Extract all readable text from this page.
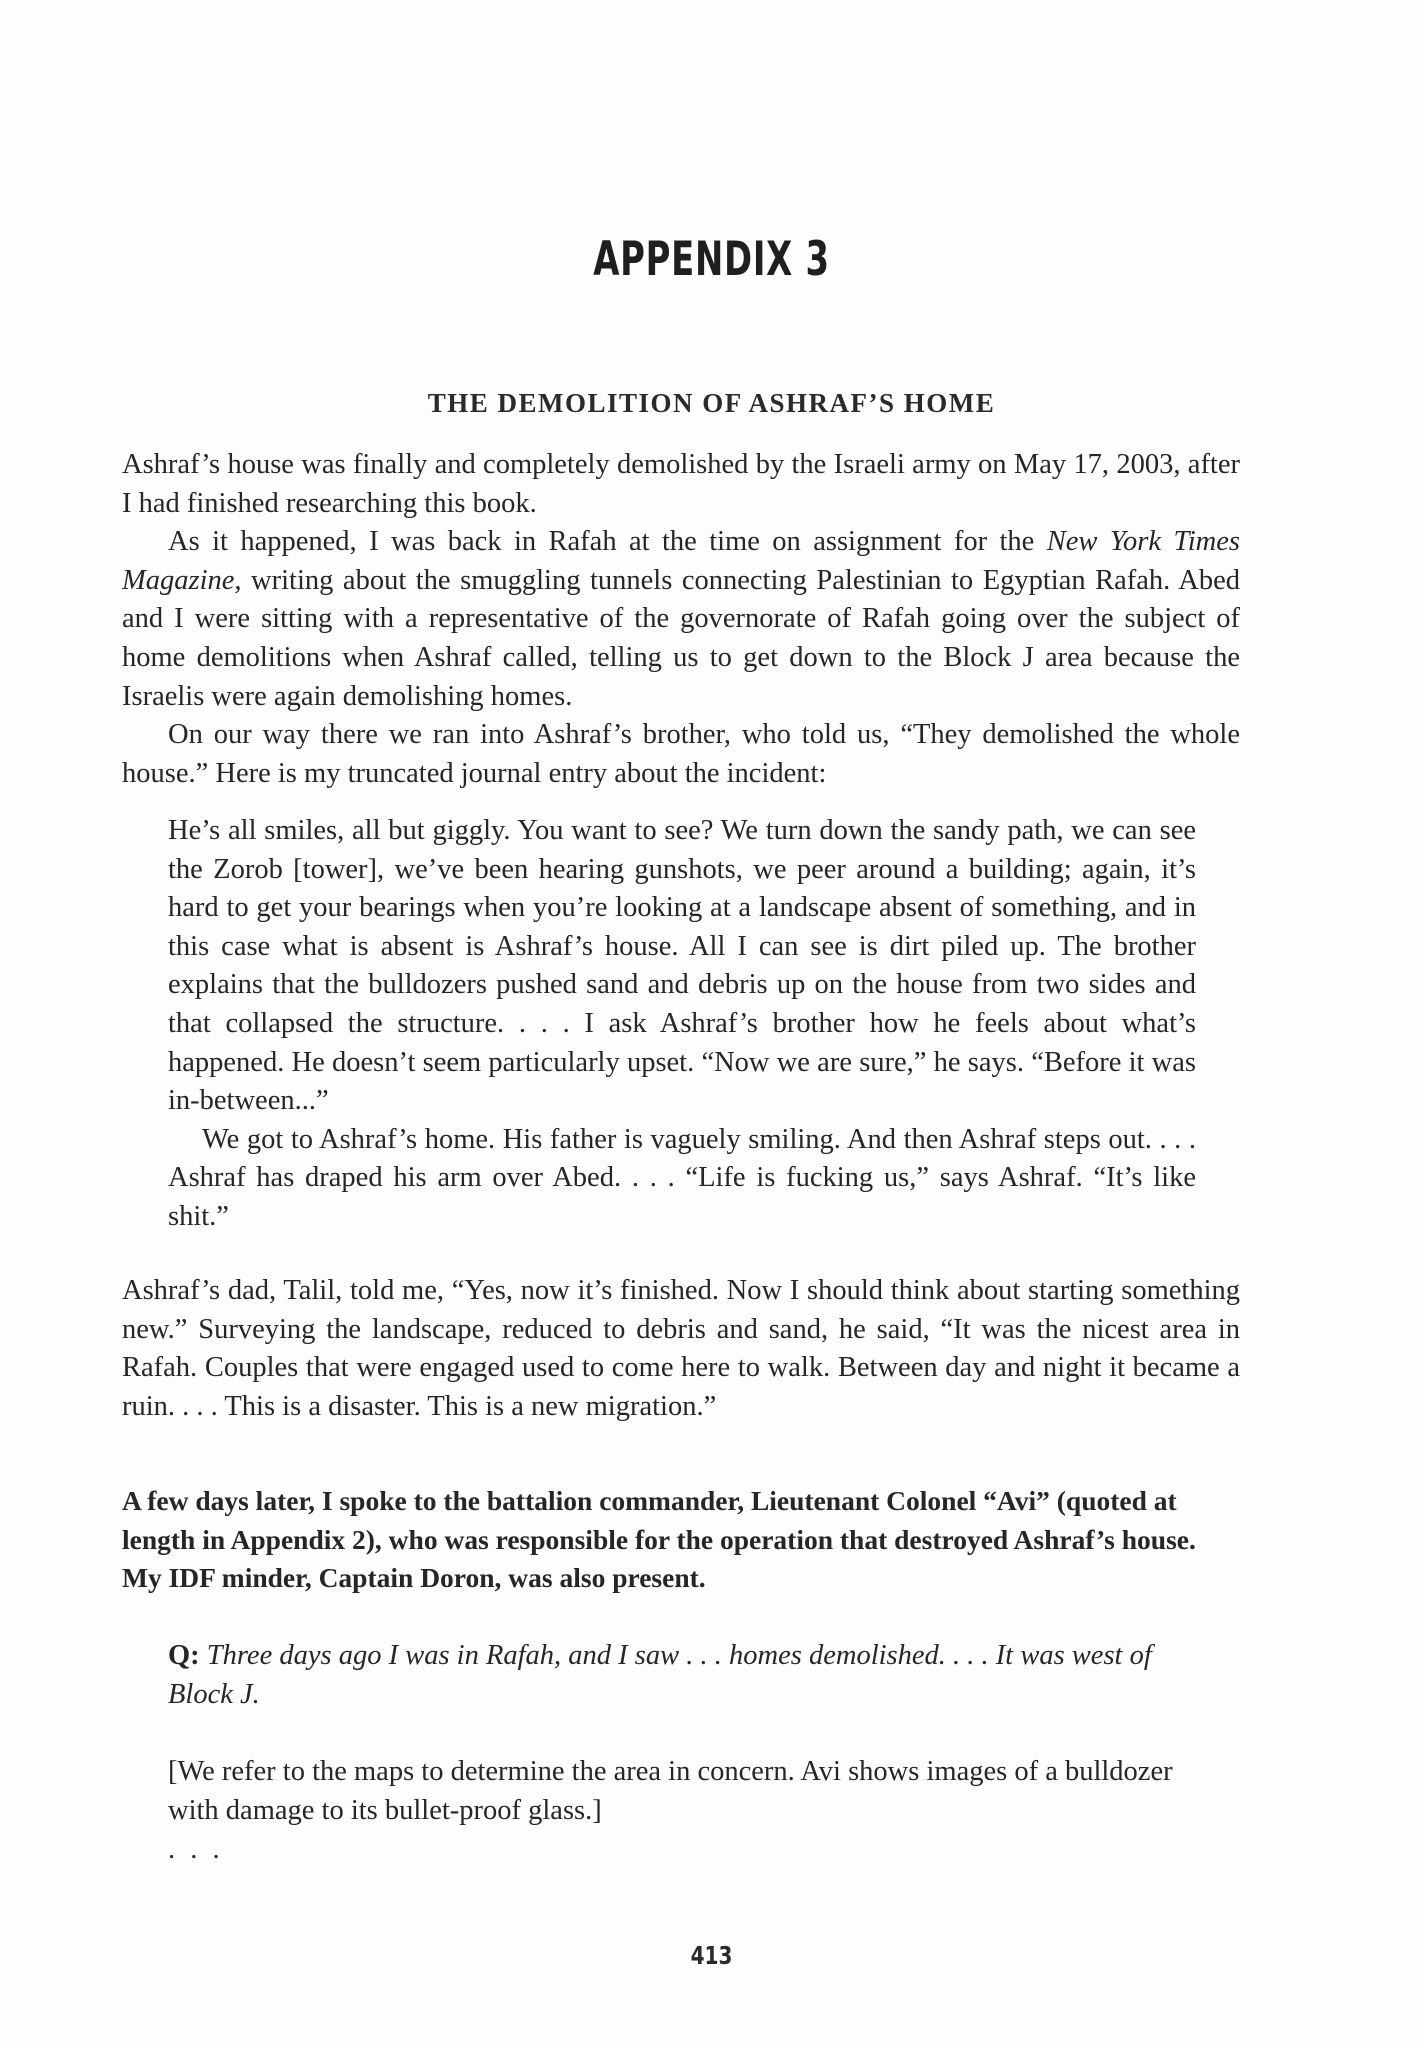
APPENDIX 3
THE DEMOLITION OF ASHRAF’S HOME

Ashraf’s house was finally and completely demolished by the Israeli army on May 17, 2003, after I had finished researching this book.

As it happened, I was back in Rafah at the time on assignment for the New York Times Magazine, writing about the smuggling tunnels connecting Palestinian to Egyptian Rafah. Abed and I were sitting with a representative of the governorate of Rafah going over the subject of home demolitions when Ashraf called, telling us to get down to the Block J area because the Israelis were again demolishing homes.

On our way there we ran into Ashraf’s brother, who told us, “They demolished the whole house.” Here is my truncated journal entry about the incident:

He’s all smiles, all but giggly. You want to see? We turn down the sandy path, we can see the Zorob [tower], we’ve been hearing gunshots, we peer around a building; again, it’s hard to get your bearings when you’re looking at a landscape absent of something, and in this case what is absent is Ashraf’s house. All I can see is dirt piled up. The brother explains that the bulldozers pushed sand and debris up on the house from two sides and that collapsed the structure. . . . I ask Ashraf’s brother how he feels about what’s happened. He doesn’t seem particularly upset. “Now we are sure,” he says. “Before it was in-between...”

We got to Ashraf’s home. His father is vaguely smiling. And then Ashraf steps out. . . . Ashraf has draped his arm over Abed. . . . “Life is fucking us,” says Ashraf. “It’s like shit.”

Ashraf’s dad, Talil, told me, “Yes, now it’s finished. Now I should think about starting something new.” Surveying the landscape, reduced to debris and sand, he said, “It was the nicest area in Rafah. Couples that were engaged used to come here to walk. Between day and night it became a ruin. . . . This is a disaster. This is a new migration.”

A few days later, I spoke to the battalion commander, Lieutenant Colonel “Avi” (quoted at length in Appendix 2), who was responsible for the operation that destroyed Ashraf’s house. My IDF minder, Captain Doron, was also present.

Q: Three days ago I was in Rafah, and I saw . . . homes demolished. . . . It was west of Block J.

[We refer to the maps to determine the area in concern. Avi shows images of a bulldozer with damage to its bullet-proof glass.]

. . .

413
